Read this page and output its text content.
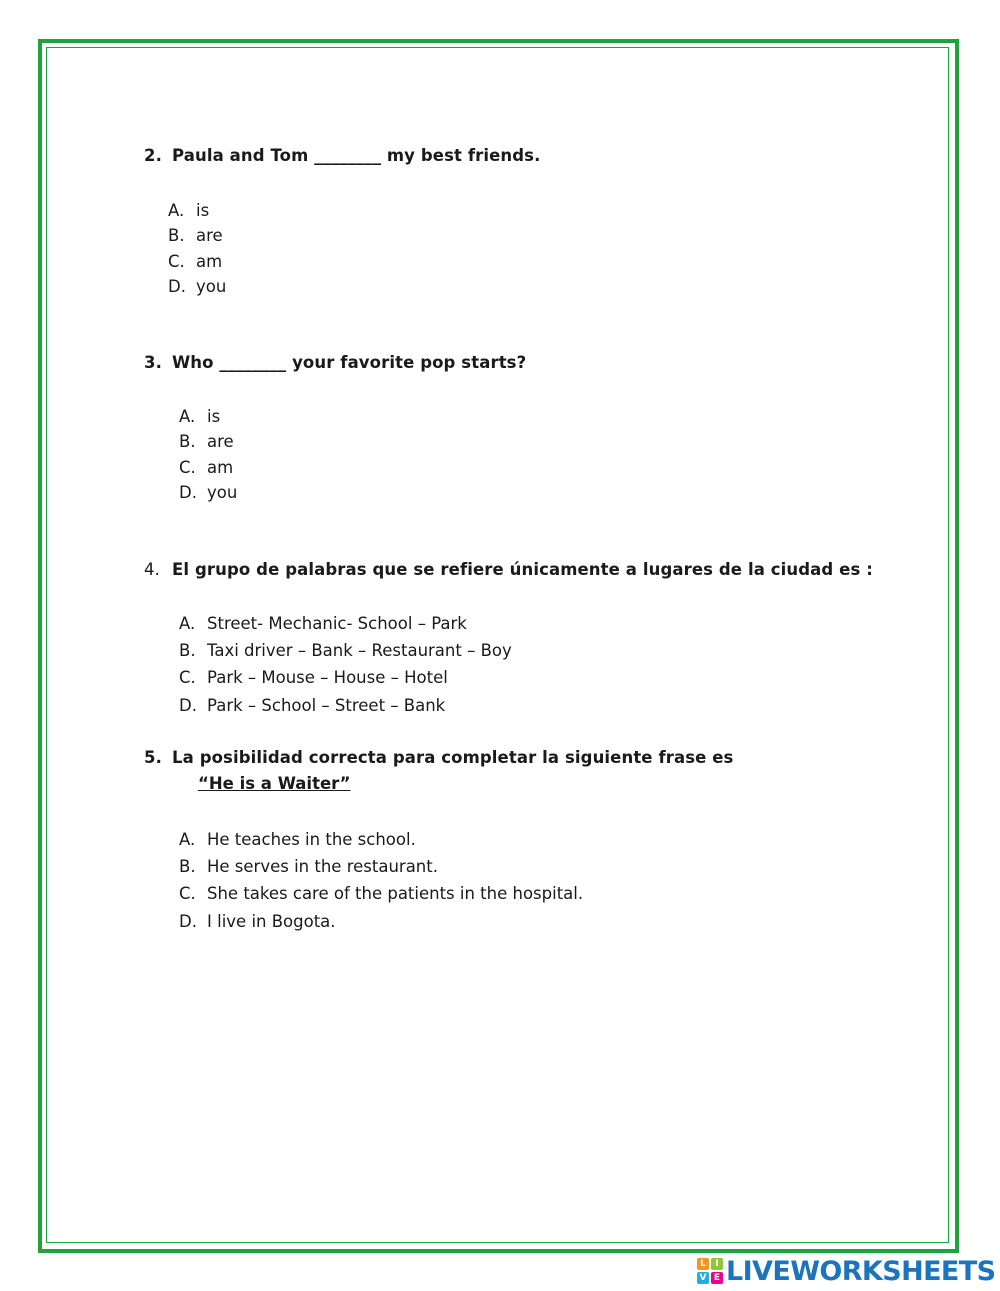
2. Paula and Tom ________ my best friends.
A. is
B. are
C. am
D. you
3. Who ________ your favorite pop starts?
A. is
B. are
C. am
D. you
4. El grupo de palabras que se refiere únicamente a lugares de la ciudad es :
A. Street- Mechanic- School – Park
B. Taxi driver – Bank – Restaurant – Boy
C. Park – Mouse – House – Hotel
D. Park – School – Street – Bank
5. La posibilidad correcta para completar la siguiente frase es
“He is a Waiter”
A. He teaches in the school.
B. He serves in the restaurant.
C. She takes care of the patients in the hospital.
D. I live in Bogota.
L	I
V E LIVEWORKSHEETS
